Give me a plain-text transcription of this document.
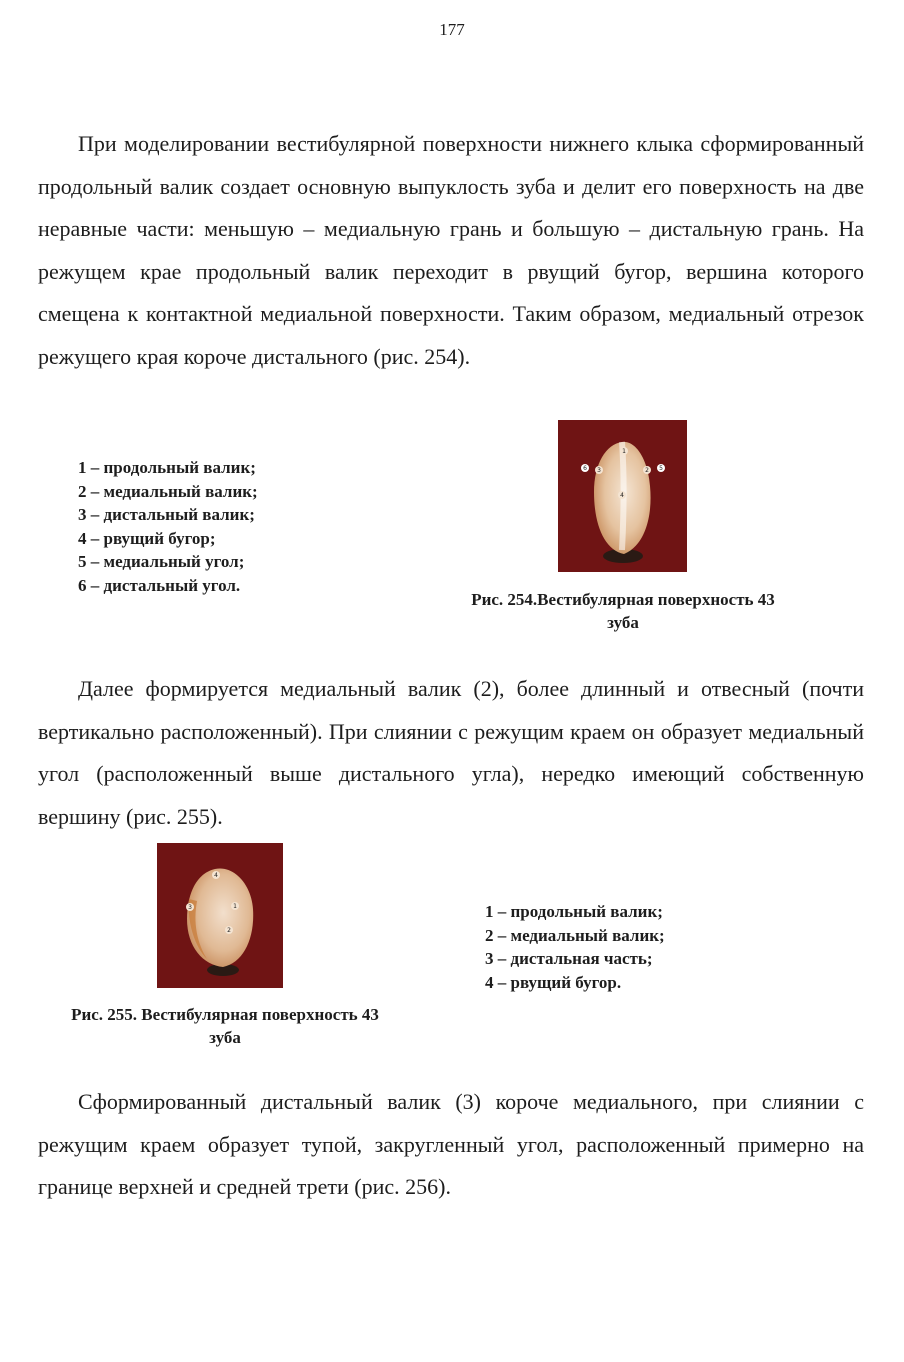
177

При моделировании вестибулярной поверхности нижнего клыка сформированный продольный валик создает основную выпуклость зуба и делит его поверхность на две неравные части: меньшую – медиальную грань и большую – дистальную грань. На режущем крае продольный валик переходит в рвущий бугор, вершина которого смещена к контактной медиальной поверхности. Таким образом, медиальный отрезок режущего края короче дистального (рис. 254).

1 – продольный валик;
2 – медиальный валик;
3 – дистальный валик;
4 – рвущий бугор;
5 – медиальный угол;
6 – дистальный угол.
6 3
1
2 5
4
Рис. 254.Вестибулярная поверхность 43
зуба

Далее формируется медиальный валик (2), более длинный и отвесный (почти вертикально расположенный). При слиянии с режущим краем он образует медиальный угол (расположенный выше дистального угла), нередко имеющий собственную вершину (рис. 255).

4
3	1
2
1 – продольный валик;
2 – медиальный валик;
3 – дистальная часть;
4 – рвущий бугор.
Рис. 255. Вестибулярная поверхность 43
зуба

Сформированный дистальный валик (3) короче медиального, при слиянии с режущим краем образует тупой, закругленный угол, расположенный примерно на границе верхней и средней трети (рис. 256).
